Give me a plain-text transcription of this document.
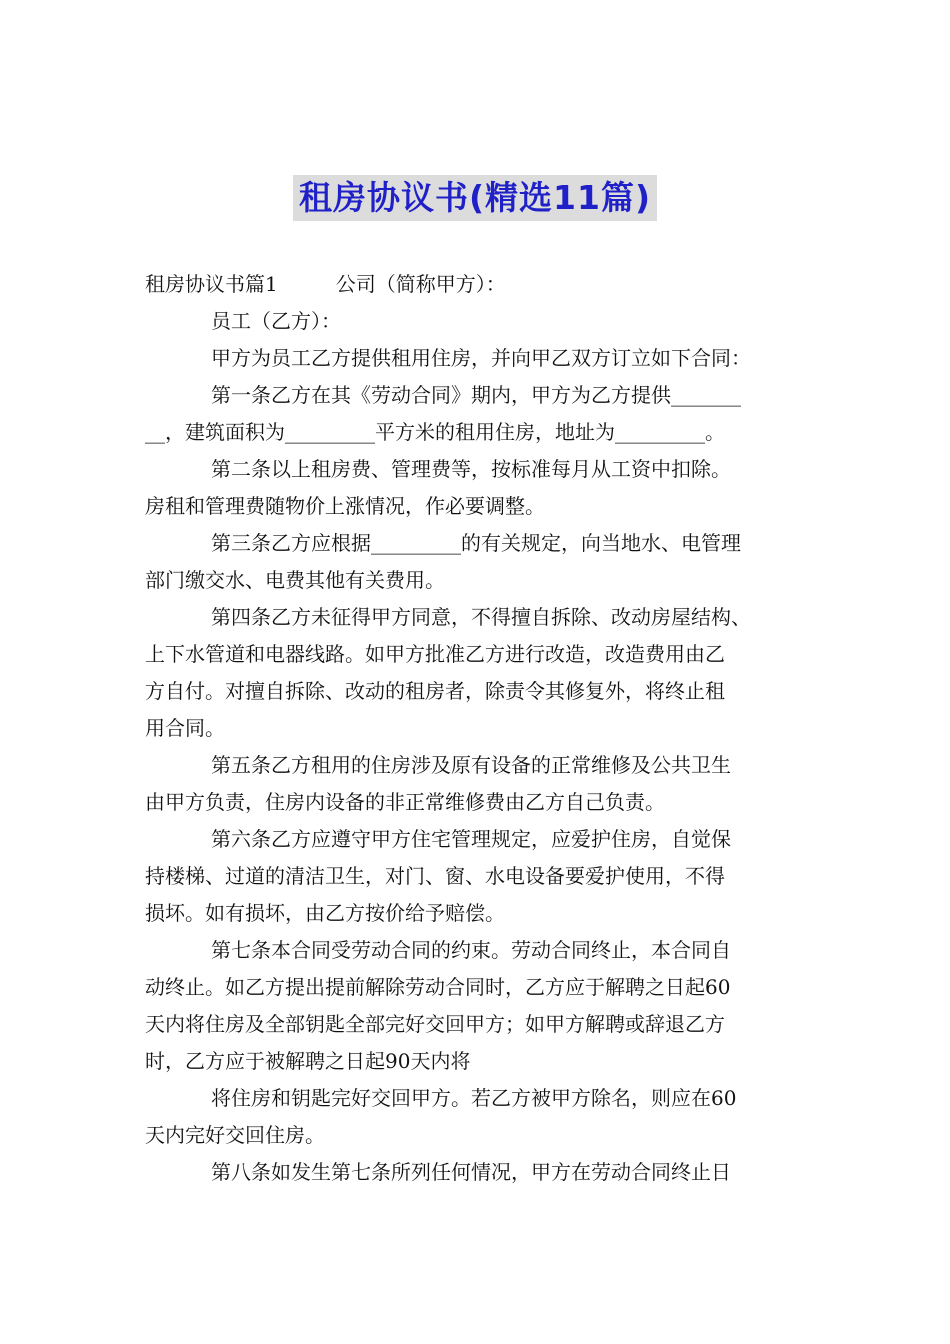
租房协议书(精选11篇)
租房协议书篇1	公司（简称甲方）：
员工（乙方）：
甲方为员工乙方提供租用住房，并向甲乙双方订立如下合同：
第一条乙方在其《劳动合同》期内，甲方为乙方提供_______
__，建筑面积为_________平方米的租用住房，地址为_________。
第二条以上租房费、管理费等，按标准每月从工资中扣除。
房租和管理费随物价上涨情况，作必要调整。
第三条乙方应根据_________的有关规定，向当地水、电管理
部门缴交水、电费其他有关费用。
第四条乙方未征得甲方同意，不得擅自拆除、改动房屋结构、
上下水管道和电器线路。如甲方批准乙方进行改造，改造费用由乙
方自付。对擅自拆除、改动的租房者，除责令其修复外，将终止租
用合同。
第五条乙方租用的住房涉及原有设备的正常维修及公共卫生
由甲方负责，住房内设备的非正常维修费由乙方自己负责。
第六条乙方应遵守甲方住宅管理规定，应爱护住房，自觉保
持楼梯、过道的清洁卫生，对门、窗、水电设备要爱护使用，不得
损坏。如有损坏，由乙方按价给予赔偿。
第七条本合同受劳动合同的约束。劳动合同终止，本合同自
动终止。如乙方提出提前解除劳动合同时，乙方应于解聘之日起60
天内将住房及全部钥匙全部完好交回甲方；如甲方解聘或辞退乙方
时，乙方应于被解聘之日起90天内将
将住房和钥匙完好交回甲方。若乙方被甲方除名，则应在60
天内完好交回住房。
第八条如发生第七条所列任何情况，甲方在劳动合同终止日
